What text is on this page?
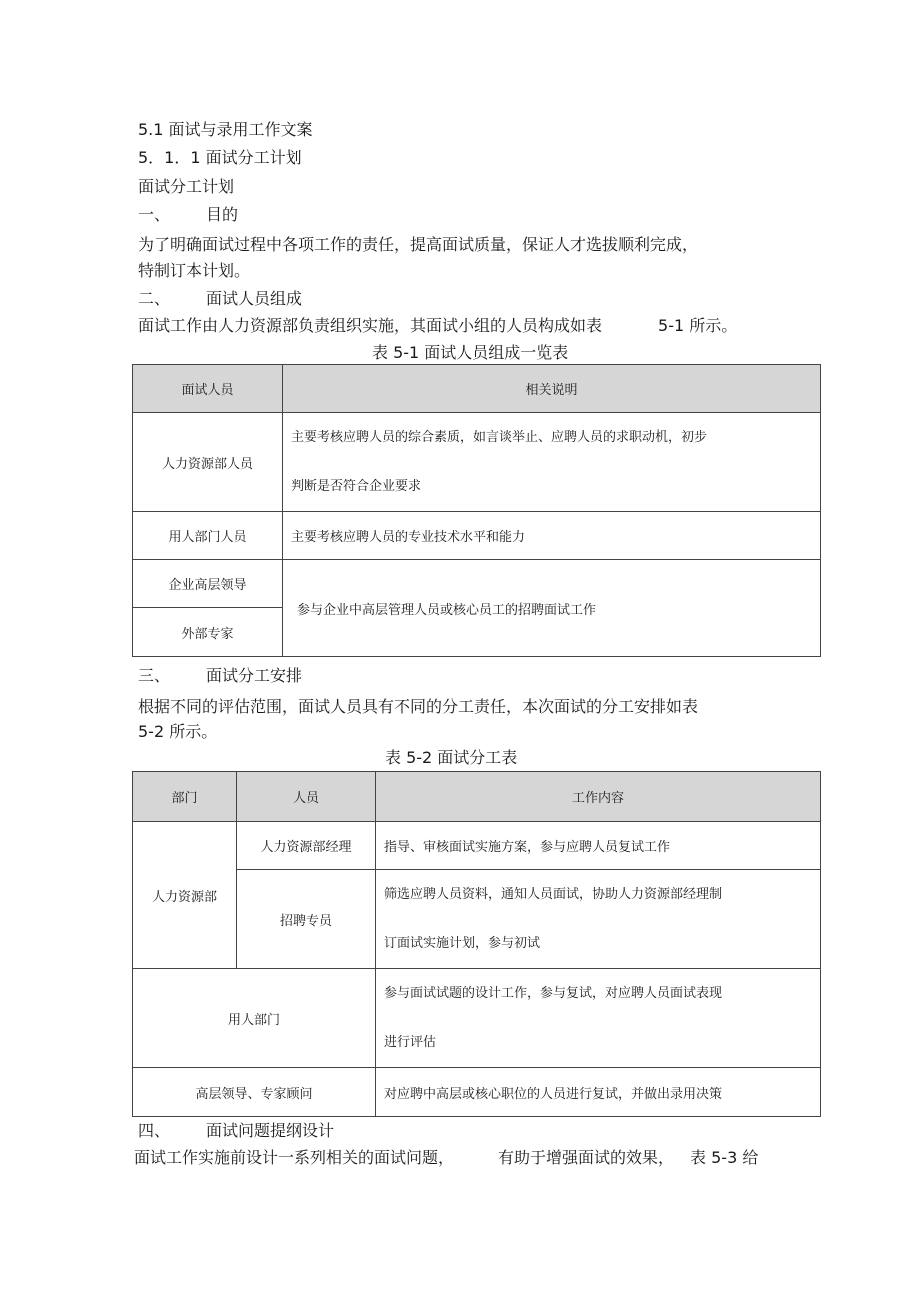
5.1 面试与录用工作文案
5．1．1 面试分工计划
面试分工计划
一、 目的
为了明确面试过程中各项工作的责任，提高面试质量，保证人才选拔顺利完成，
特制订本计划。
二、 面试人员组成
面试工作由人力资源部负责组织实施，其面试小组的人员构成如表	5-1 所示。
表 5-1 面试人员组成一览表
面试人员	相关说明
人力资源部人员	主要考核应聘人员的综合素质，如言谈举止、应聘人员的求职动机，初步
判断是否符合企业要求

用人部门人员	主要考核应聘人员的专业技术水平和能力
企业高层领导	参与企业中高层管理人员或核心员工的招聘面试工作
外部专家	
三、 面试分工安排
根据不同的评估范围，面试人员具有不同的分工责任，本次面试的分工安排如表
5-2 所示。
表 5-2 面试分工表
部门	人员	工作内容
人力资源部	人力资源部经理	指导、审核面试实施方案，参与应聘人员复试工作
	招聘专员	筛选应聘人员资料，通知人员面试，协助人力资源部经理制
订面试实施计划，参与初试

用人部门		参与面试试题的设计工作，参与复试，对应聘人员面试表现
进行评估

高层领导、专家顾问		对应聘中高层或核心职位的人员进行复试，并做出录用决策
四、 面试问题提纲设计
面试工作实施前设计一系列相关的面试问题，	有助于增强面试的效果， 表 5-3 给
